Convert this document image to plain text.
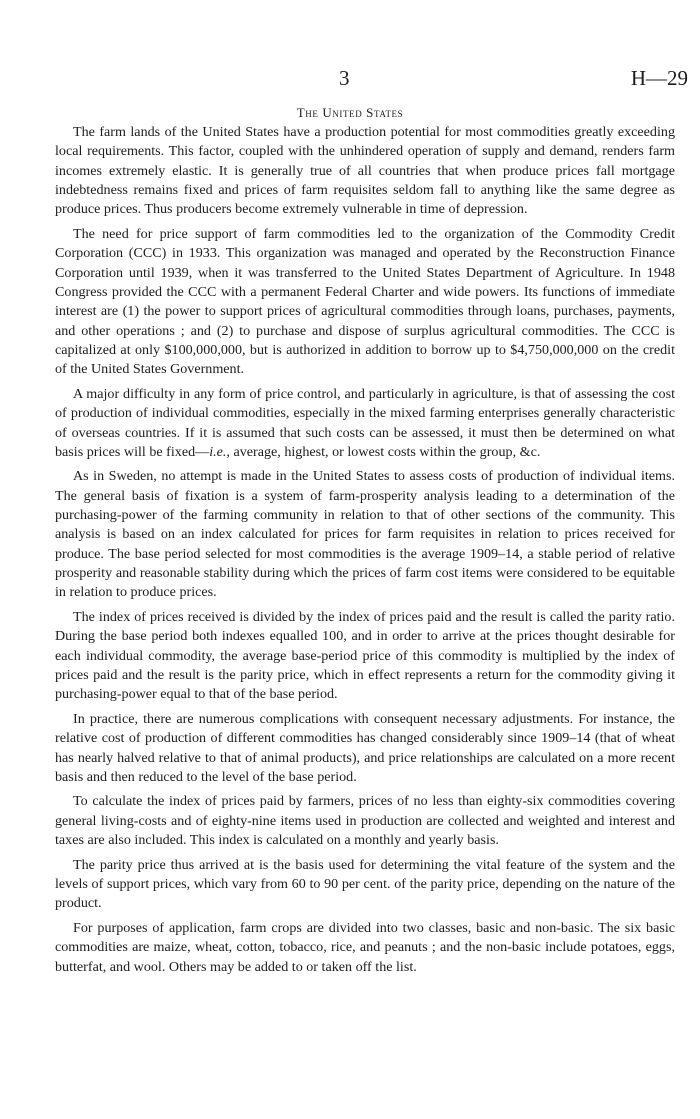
3	H—29
The United States

The farm lands of the United States have a production potential for most commodities greatly exceeding local requirements. This factor, coupled with the unhindered operation of supply and demand, renders farm incomes extremely elastic. It is generally true of all countries that when produce prices fall mortgage indebtedness remains fixed and prices of farm requisites seldom fall to anything like the same degree as produce prices. Thus producers become extremely vulnerable in time of depression.

The need for price support of farm commodities led to the organization of the Commodity Credit Corporation (CCC) in 1933. This organization was managed and operated by the Reconstruction Finance Corporation until 1939, when it was transferred to the United States Department of Agriculture. In 1948 Congress provided the CCC with a permanent Federal Charter and wide powers. Its functions of immediate interest are (1) the power to support prices of agricultural commodities through loans, purchases, payments, and other operations ; and (2) to purchase and dispose of surplus agricultural commodities. The CCC is capitalized at only $100,000,000, but is authorized in addition to borrow up to $4,750,000,000 on the credit of the United States Government.

A major difficulty in any form of price control, and particularly in agriculture, is that of assessing the cost of production of individual commodities, especially in the mixed farming enterprises generally characteristic of overseas countries. If it is assumed that such costs can be assessed, it must then be determined on what basis prices will be fixed—i.e., average, highest, or lowest costs within the group, &c.

As in Sweden, no attempt is made in the United States to assess costs of production of individual items. The general basis of fixation is a system of farm-prosperity analysis leading to a determination of the purchasing-power of the farming community in relation to that of other sections of the community. This analysis is based on an index calculated for prices for farm requisites in relation to prices received for produce. The base period selected for most commodities is the average 1909–14, a stable period of relative prosperity and reasonable stability during which the prices of farm cost items were considered to be equitable in relation to produce prices.

The index of prices received is divided by the index of prices paid and the result is called the parity ratio. During the base period both indexes equalled 100, and in order to arrive at the prices thought desirable for each individual commodity, the average base-period price of this commodity is multiplied by the index of prices paid and the result is the parity price, which in effect represents a return for the commodity giving it purchasing-power equal to that of the base period.

In practice, there are numerous complications with consequent necessary adjustments. For instance, the relative cost of production of different commodities has changed considerably since 1909–14 (that of wheat has nearly halved relative to that of animal products), and price relationships are calculated on a more recent basis and then reduced to the level of the base period.

To calculate the index of prices paid by farmers, prices of no less than eighty-six commodities covering general living-costs and of eighty-nine items used in production are collected and weighted and interest and taxes are also included. This index is calculated on a monthly and yearly basis.

The parity price thus arrived at is the basis used for determining the vital feature of the system and the levels of support prices, which vary from 60 to 90 per cent. of the parity price, depending on the nature of the product.

For purposes of application, farm crops are divided into two classes, basic and non-basic. The six basic commodities are maize, wheat, cotton, tobacco, rice, and peanuts ; and the non-basic include potatoes, eggs, butterfat, and wool. Others may be added to or taken off the list.
